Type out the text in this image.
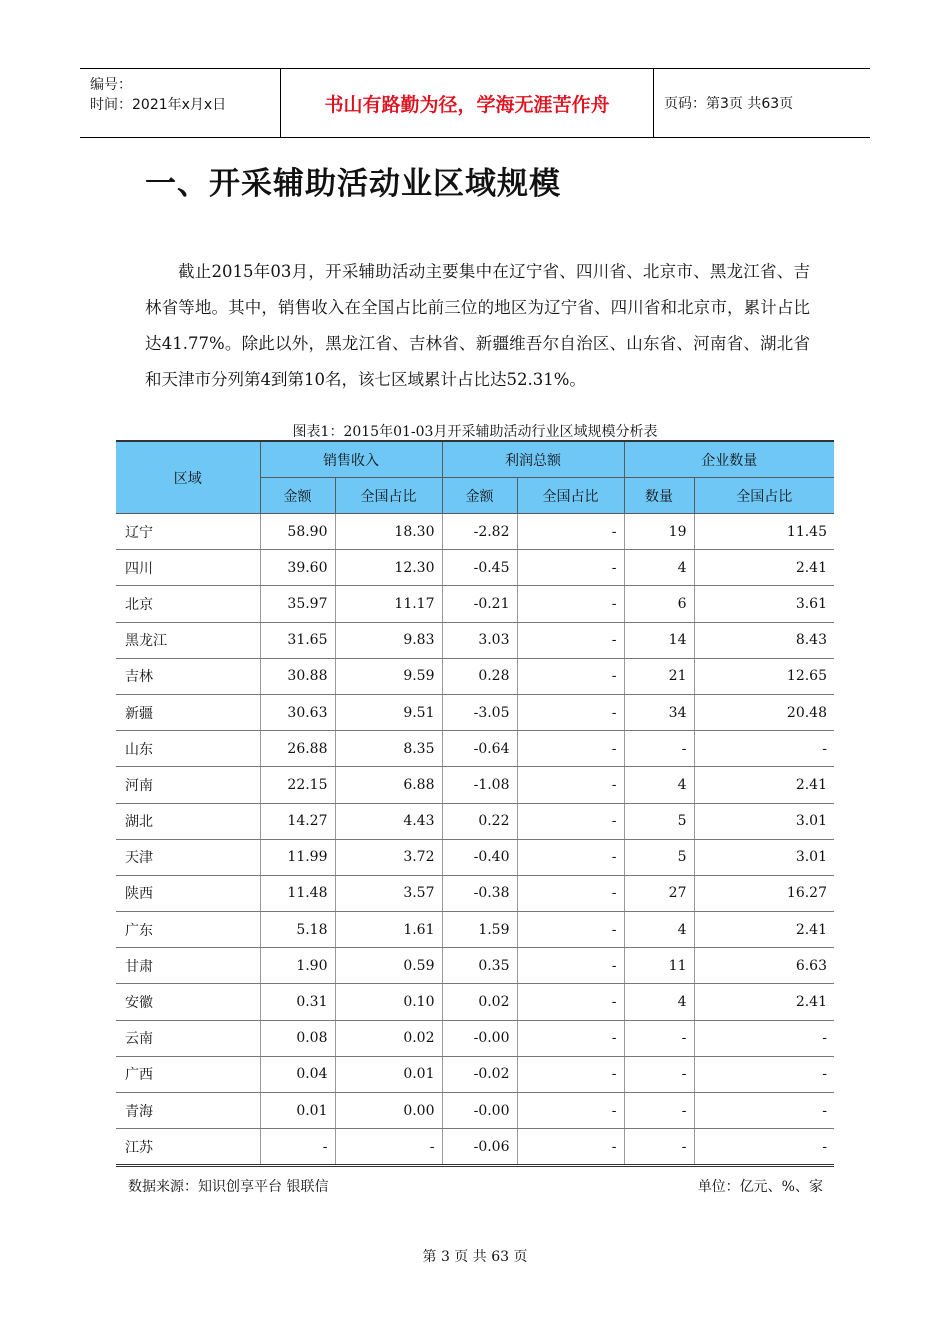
编号：
时间：2021年x月x日	书山有路勤为径，学海无涯苦作舟	页码：第3页 共63页
一、开采辅助活动业区域规模
截止2015年03月，开采辅助活动主要集中在辽宁省、四川省、北京市、黑龙江省、吉林省等地。其中，销售收入在全国占比前三位的地区为辽宁省、四川省和北京市，累计占比达41.77%。除此以外，黑龙江省、吉林省、新疆维吾尔自治区、山东省、河南省、湖北省和天津市分列第4到第10名，该七区域累计占比达52.31%。
图表1：2015年01-03月开采辅助活动行业区域规模分析表
区域	销售收入		利润总额		企业数量	
	金额	全国占比	金额	全国占比	数量	全国占比
辽宁	58.90	18.30	-2.82	-	19	11.45
四川	39.60	12.30	-0.45	-	4	2.41
北京	35.97	11.17	-0.21	-	6	3.61
黑龙江	31.65	9.83	3.03	-	14	8.43
吉林	30.88	9.59	0.28	-	21	12.65
新疆	30.63	9.51	-3.05	-	34	20.48
山东	26.88	8.35	-0.64	-	-	-
河南	22.15	6.88	-1.08	-	4	2.41
湖北	14.27	4.43	0.22	-	5	3.01
天津	11.99	3.72	-0.40	-	5	3.01
陕西	11.48	3.57	-0.38	-	27	16.27
广东	5.18	1.61	1.59	-	4	2.41
甘肃	1.90	0.59	0.35	-	11	6.63
安徽	0.31	0.10	0.02	-	4	2.41
云南	0.08	0.02	-0.00	-	-	-
广西	0.04	0.01	-0.02	-	-	-
青海	0.01	0.00	-0.00	-	-	-
江苏	-	-	-0.06	-	-	-
数据来源：知识创享平台 银联信	单位：亿元、%、家
第 3 页 共 63 页
